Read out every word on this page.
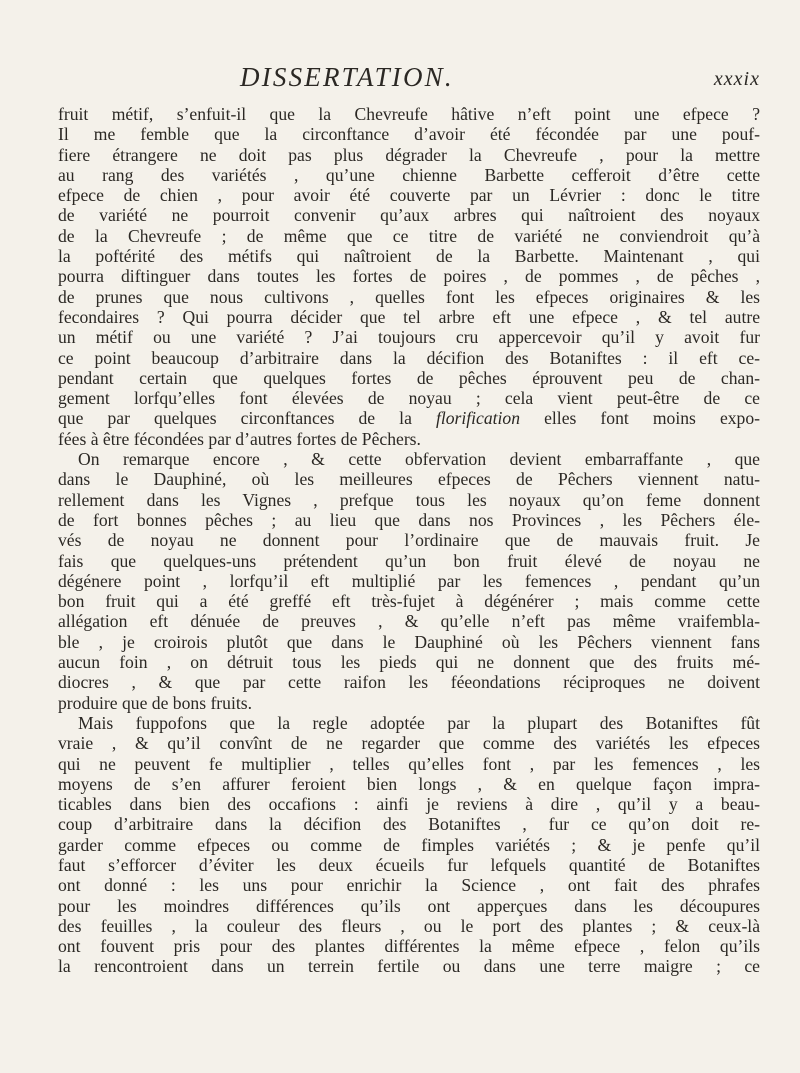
DISSERTATION.	xxxix
fruit métif, s’enfuit-il que la Chevreufe hâtive n’eft point une efpece ?
Il me femble que la circonftance d’avoir été fécondée par une pouf-
fiere étrangere ne doit pas plus dégrader la Chevreufe , pour la mettre
au rang des variétés , qu’une chienne Barbette cefferoit d’être cette
efpece de chien , pour avoir été couverte par un Lévrier : donc le titre
de variété ne pourroit convenir qu’aux arbres qui naîtroient des noyaux
de la Chevreufe ; de même que ce titre de variété ne conviendroit qu’à
la poftérité des métifs qui naîtroient de la Barbette. Maintenant , qui
pourra diftinguer dans toutes les fortes de poires , de pommes , de pêches ,
de prunes que nous cultivons , quelles font les efpeces originaires & les
fecondaires ? Qui pourra décider que tel arbre eft une efpece , & tel autre
un métif ou une variété ? J’ai toujours cru appercevoir qu’il y avoit fur
ce point beaucoup d’arbitraire dans la décifion des Botaniftes : il eft ce-
pendant certain que quelques fortes de pêches éprouvent peu de chan-
gement lorfqu’elles font élevées de noyau ; cela vient peut-être de ce
que par quelques circonftances de la florification elles font moins expo-
fées à être fécondées par d’autres fortes de Pêchers.
On remarque encore , & cette obfervation devient embarraffante , que
dans le Dauphiné, où les meilleures efpeces de Pêchers viennent natu-
rellement dans les Vignes , prefque tous les noyaux qu’on feme donnent
de fort bonnes pêches ; au lieu que dans nos Provinces , les Pêchers éle-
vés de noyau ne donnent pour l’ordinaire que de mauvais fruit. Je
fais que quelques-uns prétendent qu’un bon fruit élevé de noyau ne
dégénere point , lorfqu’il eft multiplié par les femences , pendant qu’un
bon fruit qui a été greffé eft très-fujet à dégénérer ; mais comme cette
allégation eft dénuée de preuves , & qu’elle n’eft pas même vraifembla-
ble , je croirois plutôt que dans le Dauphiné où les Pêchers viennent fans
aucun foin , on détruit tous les pieds qui ne donnent que des fruits mé-
diocres , & que par cette raifon les féeondations réciproques ne doivent
produire que de bons fruits.
Mais fuppofons que la regle adoptée par la plupart des Botaniftes fût
vraie , & qu’il convînt de ne regarder que comme des variétés les efpeces
qui ne peuvent fe multiplier , telles qu’elles font , par les femences , les
moyens de s’en affurer feroient bien longs , & en quelque façon impra-
ticables dans bien des occafions : ainfi je reviens à dire , qu’il y a beau-
coup d’arbitraire dans la décifion des Botaniftes , fur ce qu’on doit re-
garder comme efpeces ou comme de fimples variétés ; & je penfe qu’il
faut s’efforcer d’éviter les deux écueils fur lefquels quantité de Botaniftes
ont donné : les uns pour enrichir la Science , ont fait des phrafes
pour les moindres différences qu’ils ont apperçues dans les découpures
des feuilles , la couleur des fleurs , ou le port des plantes ; & ceux-là
ont fouvent pris pour des plantes différentes la même efpece , felon qu’ils
la rencontroient dans un terrein fertile ou dans une terre maigre ; ce
